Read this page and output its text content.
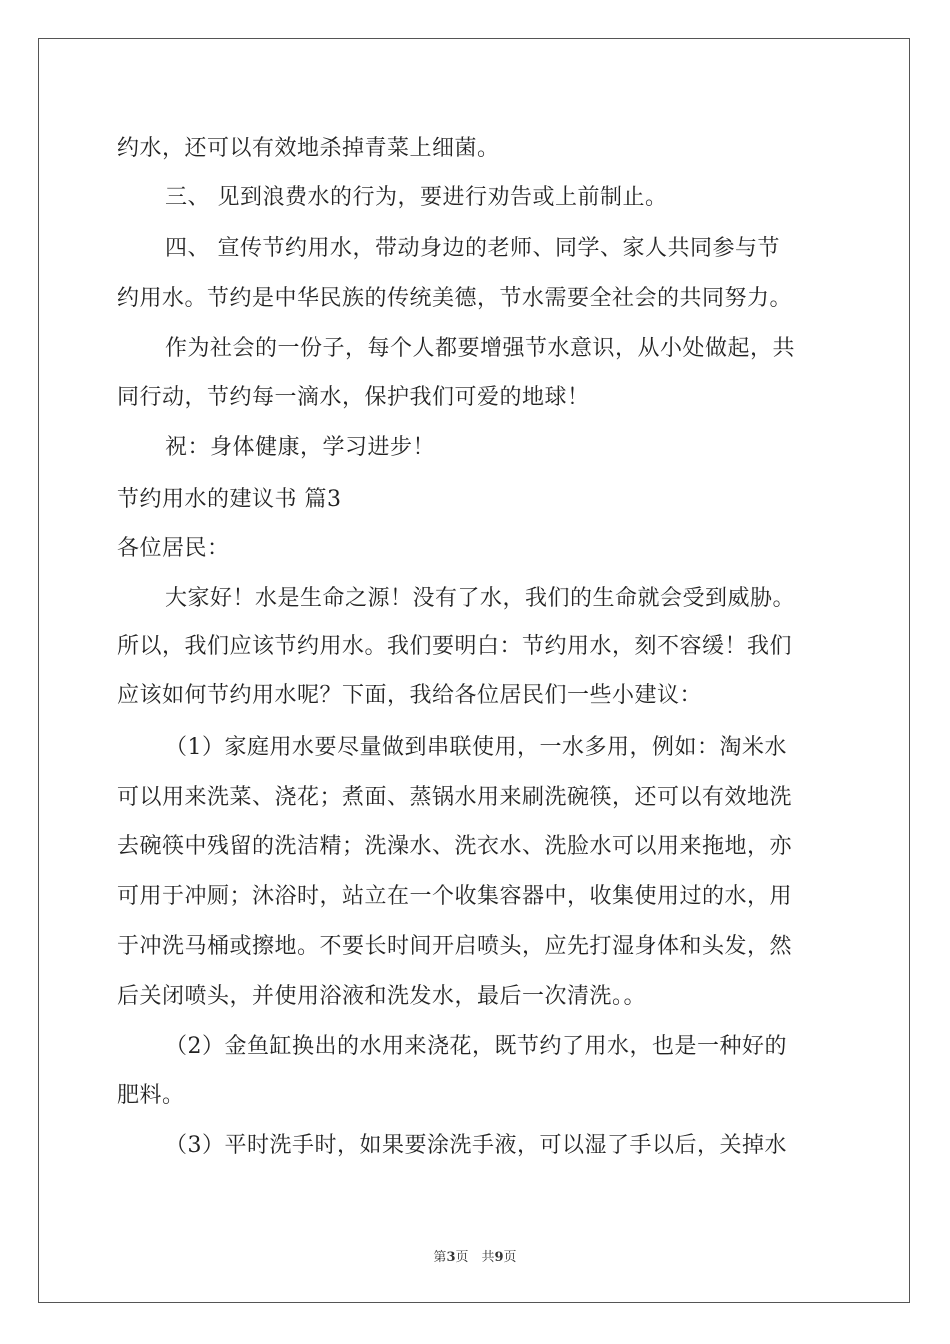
约水，还可以有效地杀掉青菜上细菌。
三、 见到浪费水的行为，要进行劝告或上前制止。
四、 宣传节约用水，带动身边的老师、同学、家人共同参与节
约用水。节约是中华民族的传统美德，节水需要全社会的共同努力。
作为社会的一份子，每个人都要增强节水意识，从小处做起，共
同行动，节约每一滴水，保护我们可爱的地球！
祝：身体健康，学习进步！
节约用水的建议书 篇3
各位居民：
大家好！水是生命之源！没有了水，我们的生命就会受到威胁。
所以，我们应该节约用水。我们要明白：节约用水，刻不容缓！我们
应该如何节约用水呢？下面，我给各位居民们一些小建议：
（1）家庭用水要尽量做到串联使用，一水多用，例如：淘米水
可以用来洗菜、浇花；煮面、蒸锅水用来刷洗碗筷，还可以有效地洗
去碗筷中残留的洗洁精；洗澡水、洗衣水、洗脸水可以用来拖地，亦
可用于冲厕；沐浴时，站立在一个收集容器中，收集使用过的水，用
于冲洗马桶或擦地。不要长时间开启喷头，应先打湿身体和头发，然
后关闭喷头，并使用浴液和洗发水，最后一次清洗。。
（2）金鱼缸换出的水用来浇花，既节约了用水，也是一种好的
肥料。
（3）平时洗手时，如果要涂洗手液，可以湿了手以后，关掉水
第3页　共9页
